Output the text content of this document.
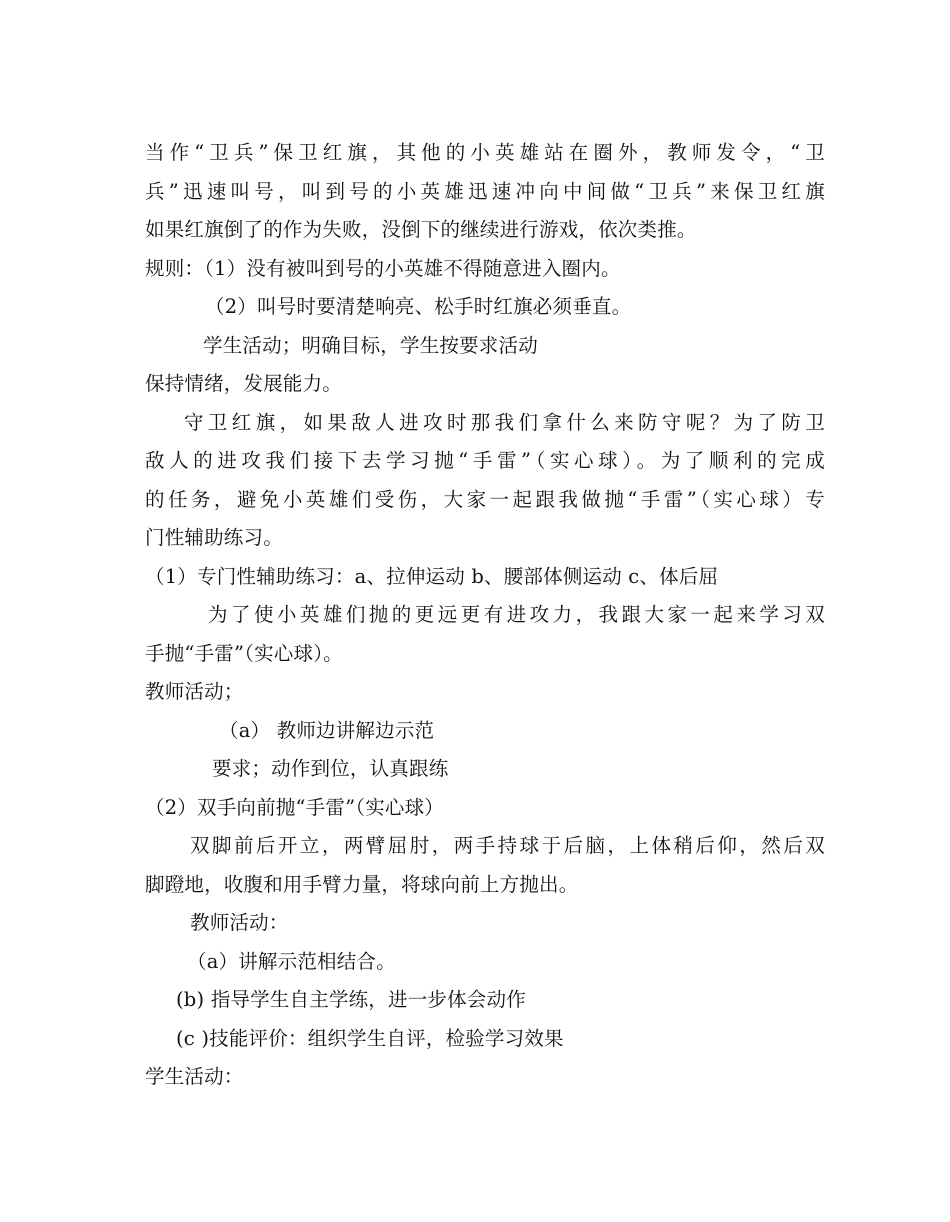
当作“卫兵”保卫红旗，其他的小英雄站在圈外，教师发令，“卫
兵”迅速叫号，叫到号的小英雄迅速冲向中间做“卫兵”来保卫红旗
如果红旗倒了的作为失败，没倒下的继续进行游戏，依次类推。
规则：（1）没有被叫到号的小英雄不得随意进入圈内。
（2）叫号时要清楚响亮、松手时红旗必须垂直。
学生活动；明确目标，学生按要求活动
保持情绪，发展能力。
守卫红旗，如果敌人进攻时那我们拿什么来防守呢？为了防卫
敌人的进攻我们接下去学习抛“手雷”（实心球）。为了顺利的完成
的任务，避免小英雄们受伤，大家一起跟我做抛“手雷”（实心球）专
门性辅助练习。
（1）专门性辅助练习：a、拉伸运动 b、腰部体侧运动 c、体后屈
为了使小英雄们抛的更远更有进攻力，我跟大家一起来学习双
手抛“手雷”（实心球）。
教师活动；
（a） 教师边讲解边示范
要求；动作到位，认真跟练
（2）双手向前抛“手雷”（实心球）
双脚前后开立，两臂屈肘，两手持球于后脑，上体稍后仰，然后双
脚蹬地，收腹和用手臂力量，将球向前上方抛出。
教师活动：
（a）讲解示范相结合。
(b) 指导学生自主学练，进一步体会动作
(c )技能评价：组织学生自评，检验学习效果
学生活动：
